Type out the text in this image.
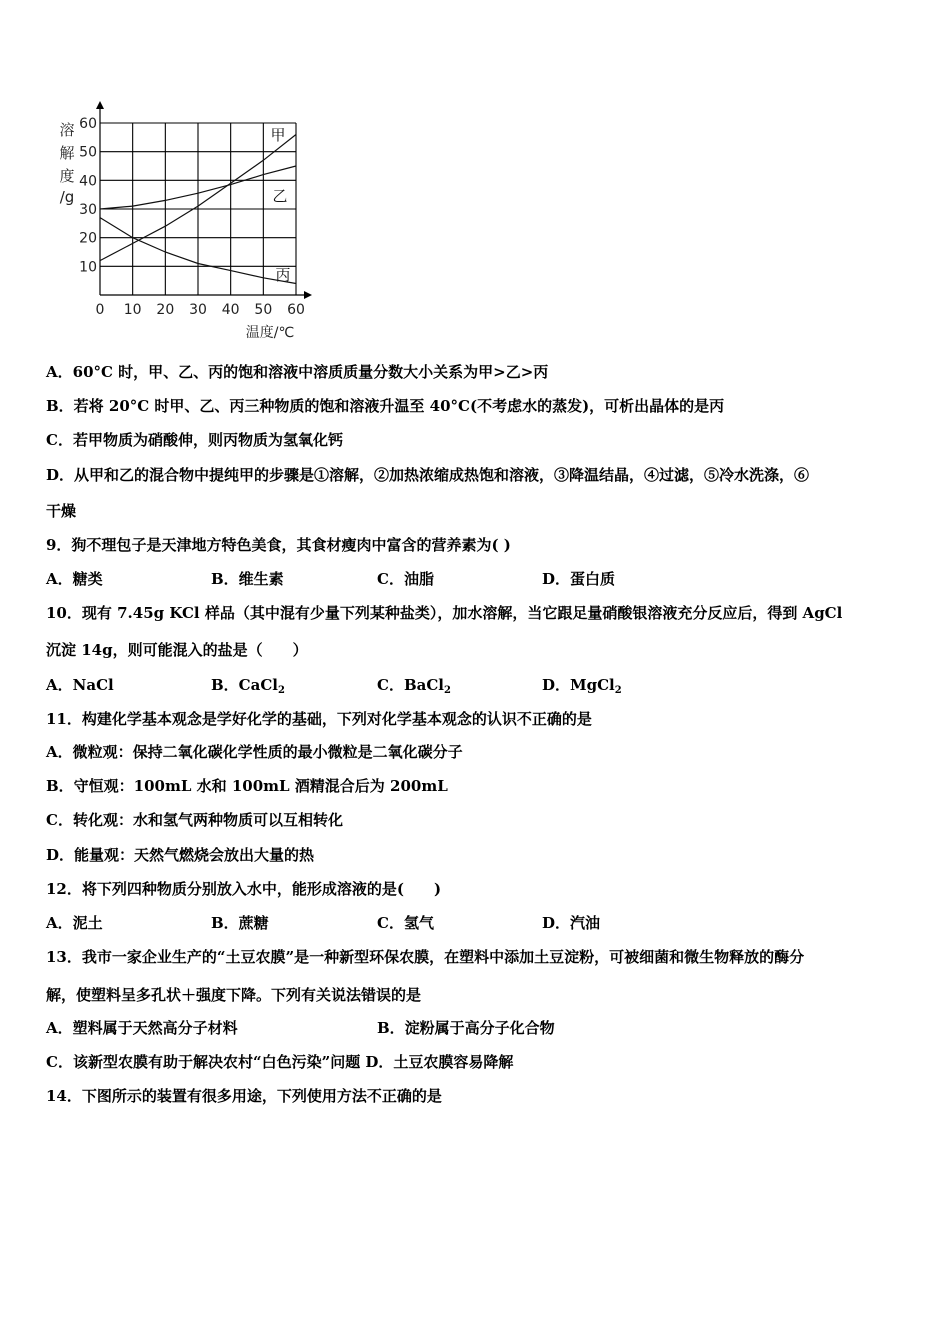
10
20
30
40
50
60
0 10 20 30 40 50 60
溶
解
度
/g
温度/℃
甲
乙
丙
A．60°C 时，甲、乙、丙的饱和溶液中溶质质量分数大小关系为甲>乙>丙
B．若将 20°C 时甲、乙、丙三种物质的饱和溶液升温至 40°C(不考虑水的蒸发)，可析出晶体的是丙
C．若甲物质为硝酸伸，则丙物质为氢氧化钙
D．从甲和乙的混合物中提纯甲的步骤是①溶解，②加热浓缩成热饱和溶液，③降温结晶，④过滤，⑤冷水洗涤，⑥
干燥
9．狗不理包子是天津地方特色美食，其食材瘦肉中富含的营养素为( )
A．糖类	B．维生素	C．油脂	D．蛋白质
10．现有 7.45g KCl 样品（其中混有少量下列某种盐类），加水溶解，当它跟足量硝酸银溶液充分反应后，得到 AgCl
沉淀 14g，则可能混入的盐是（　　）
A．NaCl	B．CaCl$_2$	C．BaCl$_2$	D．MgCl$_2$
11．构建化学基本观念是学好化学的基础，下列对化学基本观念的认识不正确的是
A．微粒观：保持二氧化碳化学性质的最小微粒是二氧化碳分子
B．守恒观：100mL 水和 100mL 酒精混合后为 200mL
C．转化观：水和氢气两种物质可以互相转化
D．能量观：天然气燃烧会放出大量的热
12．将下列四种物质分别放入水中，能形成溶液的是(　　)
A．泥土	B．蔗糖	C．氢气	D．汽油
13．我市一家企业生产的“土豆农膜”是一种新型环保农膜，在塑料中添加土豆淀粉，可被细菌和微生物释放的酶分
解，使塑料呈多孔状＋强度下降。下列有关说法错误的是
A．塑料属于天然高分子材料	B．淀粉属于高分子化合物
C．该新型农膜有助于解决农村“白色污染”问题 D．土豆农膜容易降解
14．下图所示的装置有很多用途，下列使用方法不正确的是
